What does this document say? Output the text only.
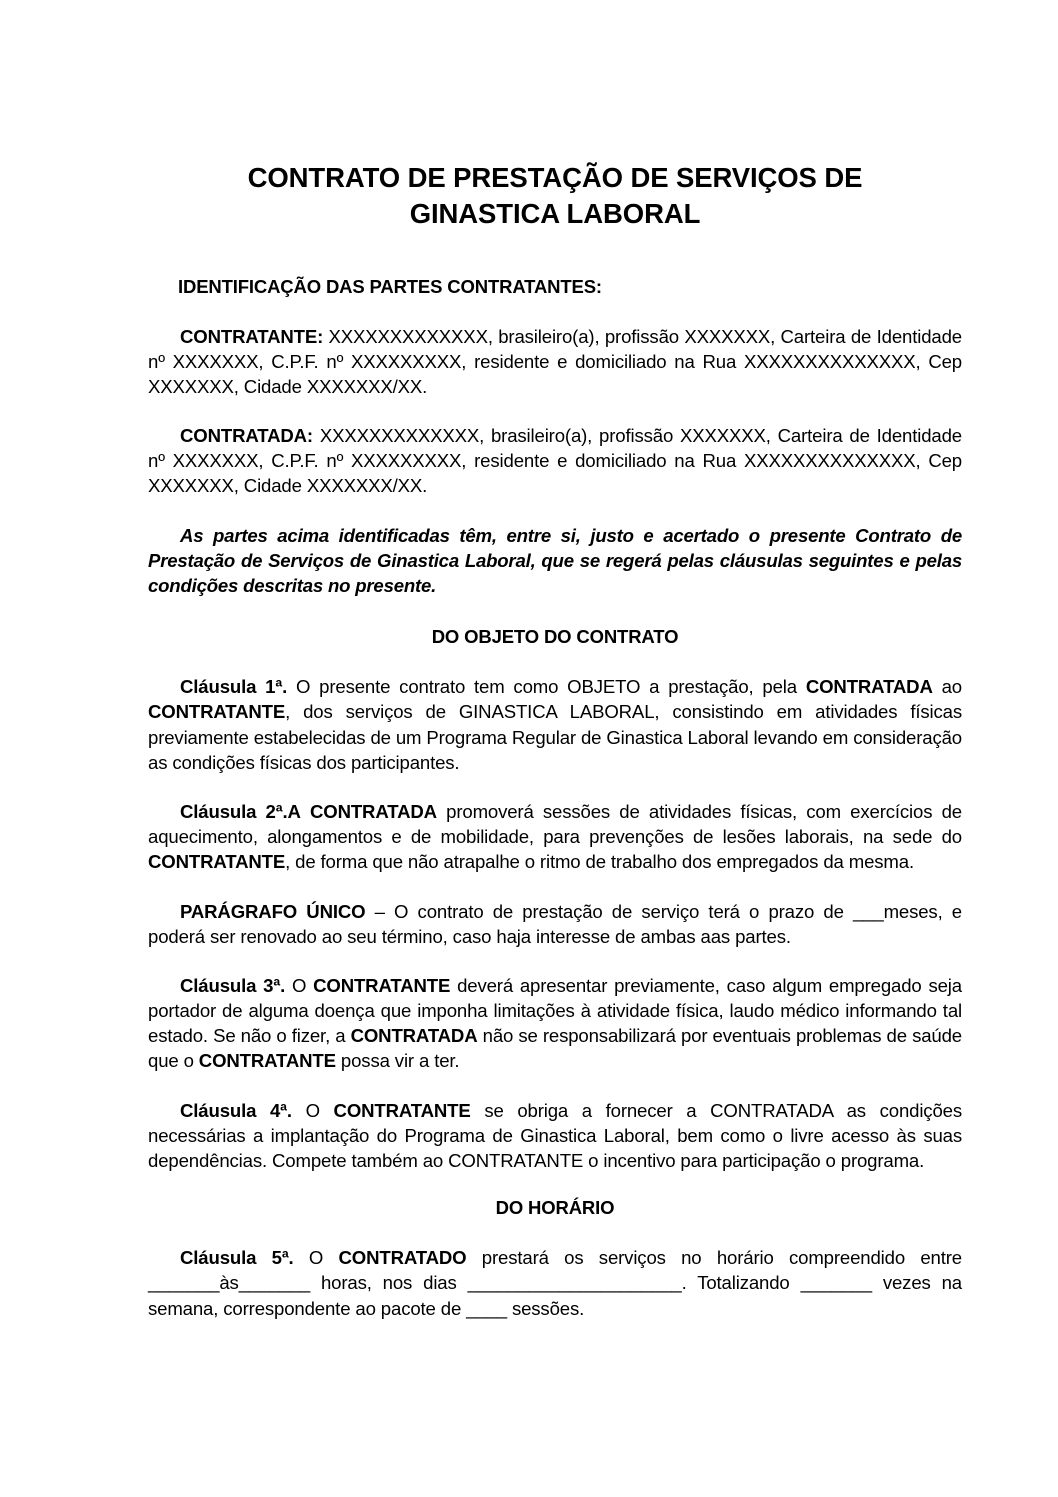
CONTRATO DE PRESTAÇÃO DE SERVIÇOS DE
GINASTICA LABORAL
IDENTIFICAÇÃO DAS PARTES CONTRATANTES:

CONTRATANTE: XXXXXXXXXXXXX, brasileiro(a), profissão XXXXXXX, Carteira de Identidade nº XXXXXXX, C.P.F. nº XXXXXXXXX, residente e domiciliado na Rua XXXXXXXXXXXXXX, Cep XXXXXXX, Cidade XXXXXXX/XX.

CONTRATADA: XXXXXXXXXXXXX, brasileiro(a), profissão XXXXXXX, Carteira de Identidade nº XXXXXXX, C.P.F. nº XXXXXXXXX, residente e domiciliado na Rua XXXXXXXXXXXXXX, Cep XXXXXXX, Cidade XXXXXXX/XX.

As partes acima identificadas têm, entre si, justo e acertado o presente Contrato de Prestação de Serviços de Ginastica Laboral, que se regerá pelas cláusulas seguintes e pelas condições descritas no presente.

DO OBJETO DO CONTRATO

Cláusula 1ª. O presente contrato tem como OBJETO a prestação, pela CONTRATADA ao CONTRATANTE, dos serviços de GINASTICA LABORAL, consistindo em atividades físicas previamente estabelecidas de um Programa Regular de Ginastica Laboral levando em consideração as condições físicas dos participantes.

Cláusula 2ª.A CONTRATADA promoverá sessões de atividades físicas, com exercícios de aquecimento, alongamentos e de mobilidade, para prevenções de lesões laborais, na sede do CONTRATANTE, de forma que não atrapalhe o ritmo de trabalho dos empregados da mesma.

PARÁGRAFO ÚNICO – O contrato de prestação de serviço terá o prazo de ___meses, e poderá ser renovado ao seu término, caso haja interesse de ambas aas partes.

Cláusula 3ª. O CONTRATANTE deverá apresentar previamente, caso algum empregado seja portador de alguma doença que imponha limitações à atividade física, laudo médico informando tal estado. Se não o fizer, a CONTRATADA não se responsabilizará por eventuais problemas de saúde que o CONTRATANTE possa vir a ter.

Cláusula 4ª. O CONTRATANTE se obriga a fornecer a CONTRATADA as condições necessárias a implantação do Programa de Ginastica Laboral, bem como o livre acesso às suas dependências. Compete também ao CONTRATANTE o incentivo para participação o programa.

DO HORÁRIO

Cláusula 5ª. O CONTRATADO prestará os serviços no horário compreendido entre _______às_______ horas, nos dias _____________________. Totalizando _______ vezes na semana, correspondente ao pacote de ____ sessões.
